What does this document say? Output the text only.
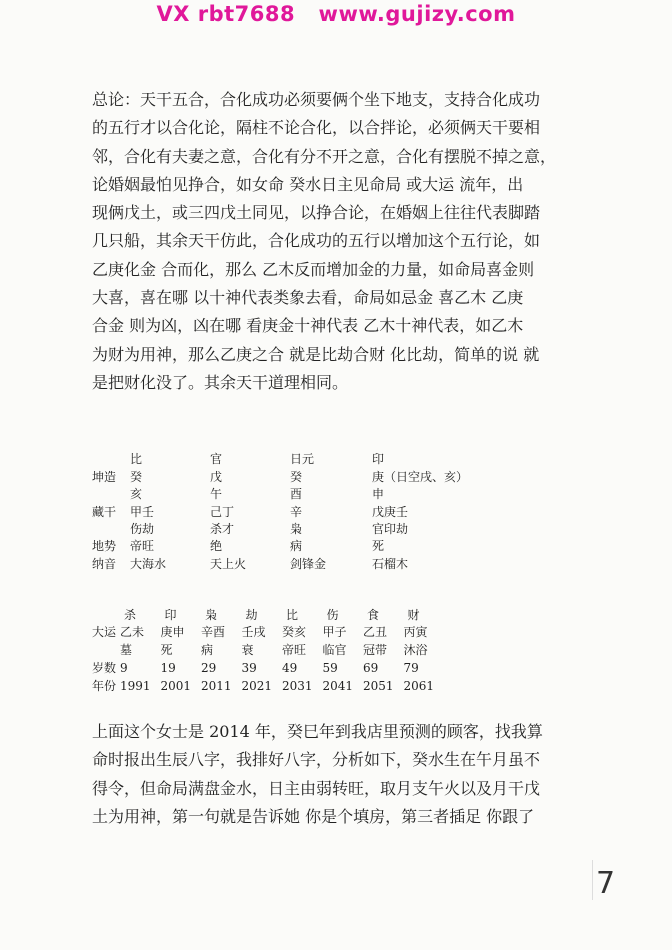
VX rbt7688   www.gujizy.com
总论：天干五合，合化成功必须要俩个坐下地支，支持合化成功
的五行才以合化论，隔柱不论合化，以合拌论，必须俩天干要相
邻，合化有夫妻之意，合化有分不开之意，合化有摆脱不掉之意，
论婚姻最怕见挣合，如女命 癸水日主见命局 或大运 流年，出
现俩戊土，或三四戊土同见，以挣合论，在婚姻上往往代表脚踏
几只船，其余天干仿此，合化成功的五行以增加这个五行论，如
乙庚化金 合而化，那么 乙木反而增加金的力量，如命局喜金则
大喜，喜在哪 以十神代表类象去看，命局如忌金 喜乙木 乙庚
合金 则为凶，凶在哪 看庚金十神代表 乙木十神代表，如乙木
为财为用神，那么乙庚之合 就是比劫合财 化比劫，简单的说 就
是把财化没了。其余天干道理相同。
比	官	日元	印
坤造 癸	戊	癸	庚（日空戌、亥）
亥	午	酉	申
藏干 甲壬	己丁	辛	戊庚壬
伤劫	杀才	枭	官印劫
地势 帝旺	绝	病	死
纳音 大海水	天上火	剑锋金	石榴木
杀 印 枭 劫 比 伤 食 财
大运 乙未 庚申 辛酉 壬戌 癸亥 甲子 乙丑 丙寅
墓 死 病 衰 帝旺 临官 冠带 沐浴
岁数 9	19 29 39 49 59 69 79
年份 1991 2001 2011 2021 2031 2041 2051 2061
上面这个女士是 2014 年，癸巳年到我店里预测的顾客，找我算
命时报出生辰八字，我排好八字，分析如下，癸水生在午月虽不
得令，但命局满盘金水，日主由弱转旺，取月支午火以及月干戊
土为用神，第一句就是告诉她 你是个填房，第三者插足 你跟了
7
